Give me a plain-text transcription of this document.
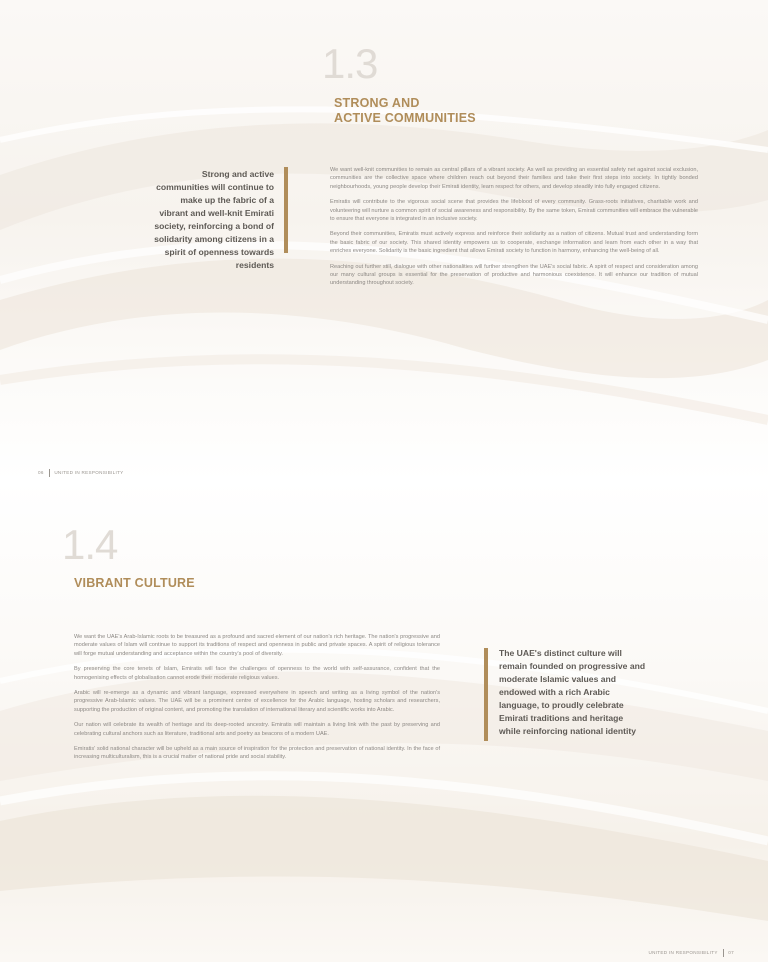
1.3
STRONG AND
ACTIVE COMMUNITIES
Strong and active communities will continue to make up the fabric of a vibrant and well-knit Emirati society, reinforcing a bond of solidarity among citizens in a spirit of openness towards residents

We want well-knit communities to remain as central pillars of a vibrant society. As well as providing an essential safety net against social exclusion, communities are the collective space where children reach out beyond their families and take their first steps into society. In tightly bonded neighbourhoods, young people develop their Emirati identity, learn respect for others, and develop steadily into fully engaged citizens.

Emiratis will contribute to the vigorous social scene that provides the lifeblood of every community. Grass-roots initiatives, charitable work and volunteering will nurture a common spirit of social awareness and responsibility. By the same token, Emirati communities will embrace the vulnerable to ensure that everyone is integrated in an inclusive society.

Beyond their communities, Emiratis must actively express and reinforce their solidarity as a nation of citizens. Mutual trust and understanding form the basic fabric of our society. This shared identity empowers us to cooperate, exchange information and learn from each other in a way that enriches everyone. Solidarity is the basic ingredient that allows Emirati society to function in harmony, enhancing the well-being of all.

Reaching out further still, dialogue with other nationalities will further strengthen the UAE's social fabric. A spirit of respect and consideration among our many cultural groups is essential for the preservation of productive and harmonious coexistence. It will enhance our tradition of mutual understanding throughout society.

06 UNITED IN RESPONSIBILITY
1.4
VIBRANT CULTURE

We want the UAE's Arab-Islamic roots to be treasured as a profound and sacred element of our nation's rich heritage. The nation's progressive and moderate values of Islam will continue to support its traditions of respect and openness in public and private spaces. A spirit of religious tolerance will forge mutual understanding and acceptance within the country's pool of diversity.

By preserving the core tenets of Islam, Emiratis will face the challenges of openness to the world with self-assurance, confident that the homogenising effects of globalisation cannot erode their moderate religious values.

Arabic will re-emerge as a dynamic and vibrant language, expressed everywhere in speech and writing as a living symbol of the nation's progressive Arab-Islamic values. The UAE will be a prominent centre of excellence for the Arabic language, hosting scholars and researchers, supporting the production of original content, and promoting the translation of international literary and scientific works into Arabic.

Our nation will celebrate its wealth of heritage and its deep-rooted ancestry. Emiratis will maintain a living link with the past by preserving and celebrating cultural anchors such as literature, traditional arts and poetry as beacons of a modern UAE.

Emiratis' solid national character will be upheld as a main source of inspiration for the protection and preservation of national identity. In the face of increasing multiculturalism, this is a crucial matter of national pride and social stability.

The UAE's distinct culture will remain founded on progressive and moderate Islamic values and endowed with a rich Arabic language, to proudly celebrate Emirati traditions and heritage while reinforcing national identity
UNITED IN RESPONSIBILITY 07
